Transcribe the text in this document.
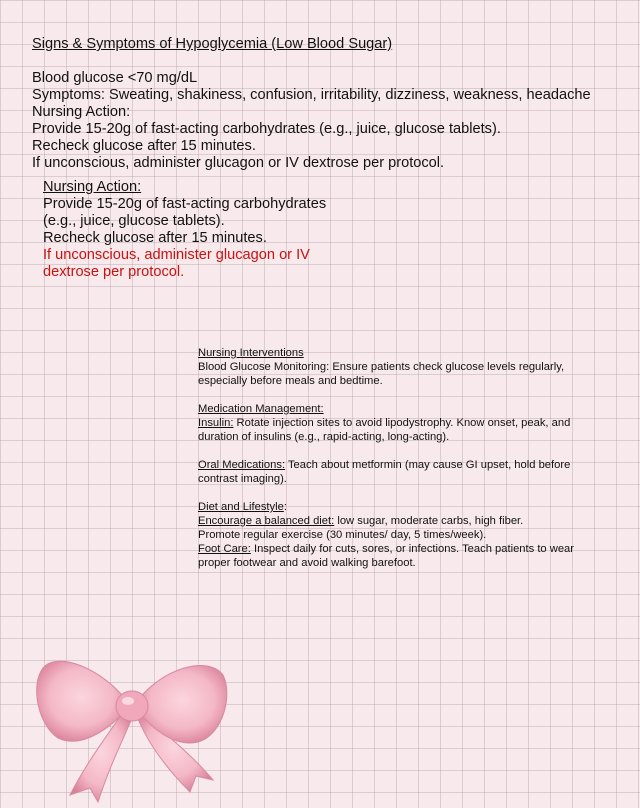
Signs & Symptoms of Hypoglycemia (Low Blood Sugar)
Blood glucose <70 mg/dL
Symptoms: Sweating, shakiness, confusion, irritability, dizziness, weakness, headache
Nursing Action:
Provide 15-20g of fast-acting carbohydrates (e.g., juice, glucose tablets).
Recheck glucose after 15 minutes.
If unconscious, administer glucagon or IV dextrose per protocol.
Nursing Action:
Provide 15-20g of fast-acting carbohydrates
(e.g., juice, glucose tablets).
Recheck glucose after 15 minutes.
If unconscious, administer glucagon or IV
dextrose per protocol.
Nursing Interventions
Blood Glucose Monitoring: Ensure patients check glucose levels regularly,
especially before meals and bedtime.
Medication Management:
Insulin: Rotate injection sites to avoid lipodystrophy. Know onset, peak, and
duration of insulins (e.g., rapid-acting, long-acting).
Oral Medications: Teach about metformin (may cause GI upset, hold before
contrast imaging).
Diet and Lifestyle:
Encourage a balanced diet: low sugar, moderate carbs, high fiber.
Promote regular exercise (30 minutes/ day, 5 times/week).
Foot Care: Inspect daily for cuts, sores, or infections. Teach patients to wear
proper footwear and avoid walking barefoot.
